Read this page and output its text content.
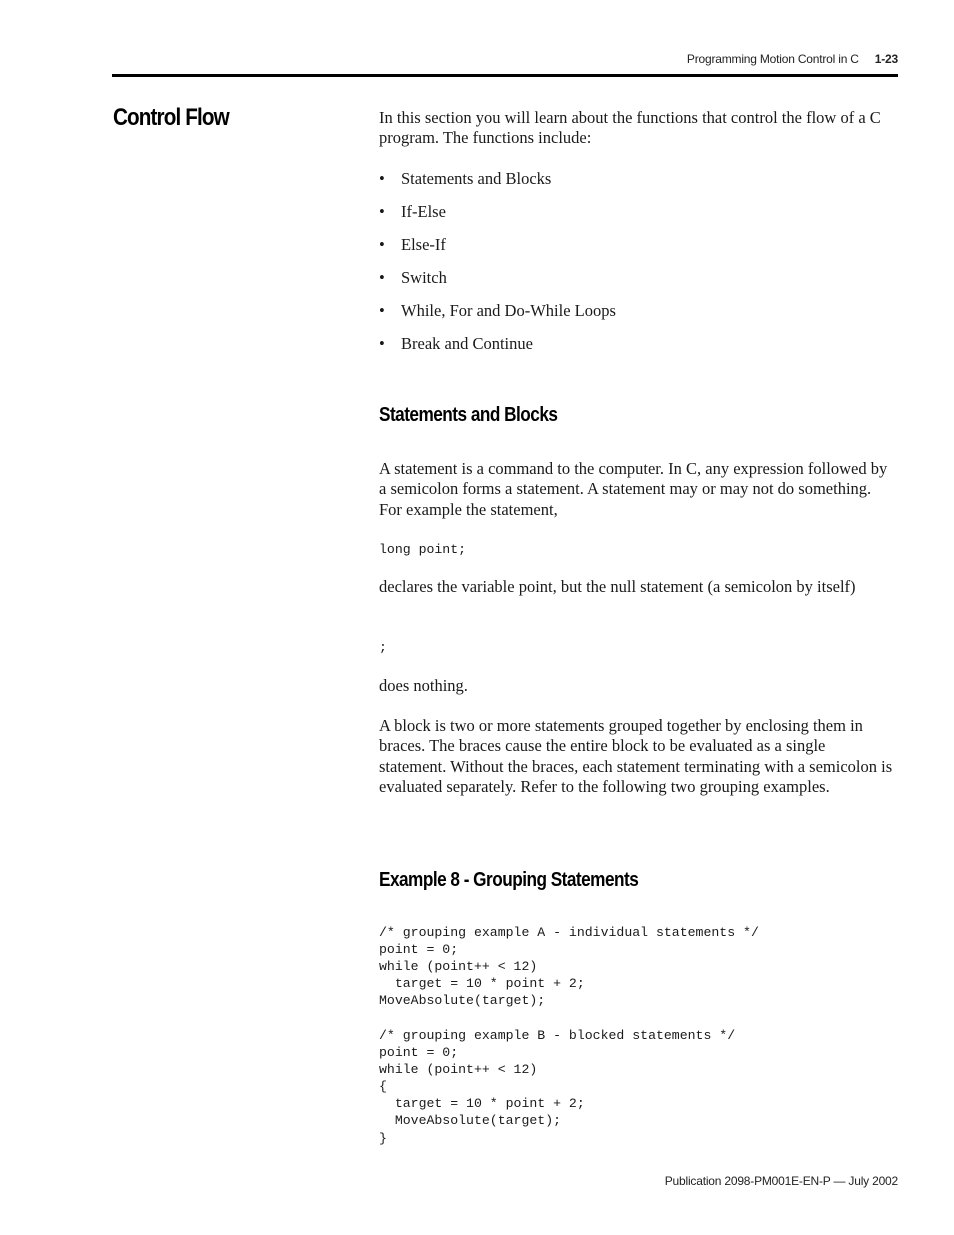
Programming Motion Control in C 1-23
Control Flow	In this section you will learn about the functions that control the flow of a C program. The functions include:

• Statements and Blocks
• If-Else
• Else-If
• Switch
• While, For and Do-While Loops
• Break and Continue
Statements and Blocks

A statement is a command to the computer. In C, any expression followed by a semicolon forms a statement. A statement may or may not do something. For example the statement,

long point;

declares the variable point, but the null statement (a semicolon by itself)

;

does nothing.

A block is two or more statements grouped together by enclosing them in braces. The braces cause the entire block to be evaluated as a single statement. Without the braces, each statement terminating with a semicolon is evaluated separately. Refer to the following two grouping examples.

Example 8 - Grouping Statements
/* grouping example A - individual statements */
point = 0;
while (point++ < 12)
target = 10 * point + 2;
MoveAbsolute(target);
/* grouping example B - blocked statements */
point = 0;
while (point++ < 12)
{
target = 10 * point + 2;
MoveAbsolute(target);
}
Publication 2098-PM001E-EN-P — July 2002
